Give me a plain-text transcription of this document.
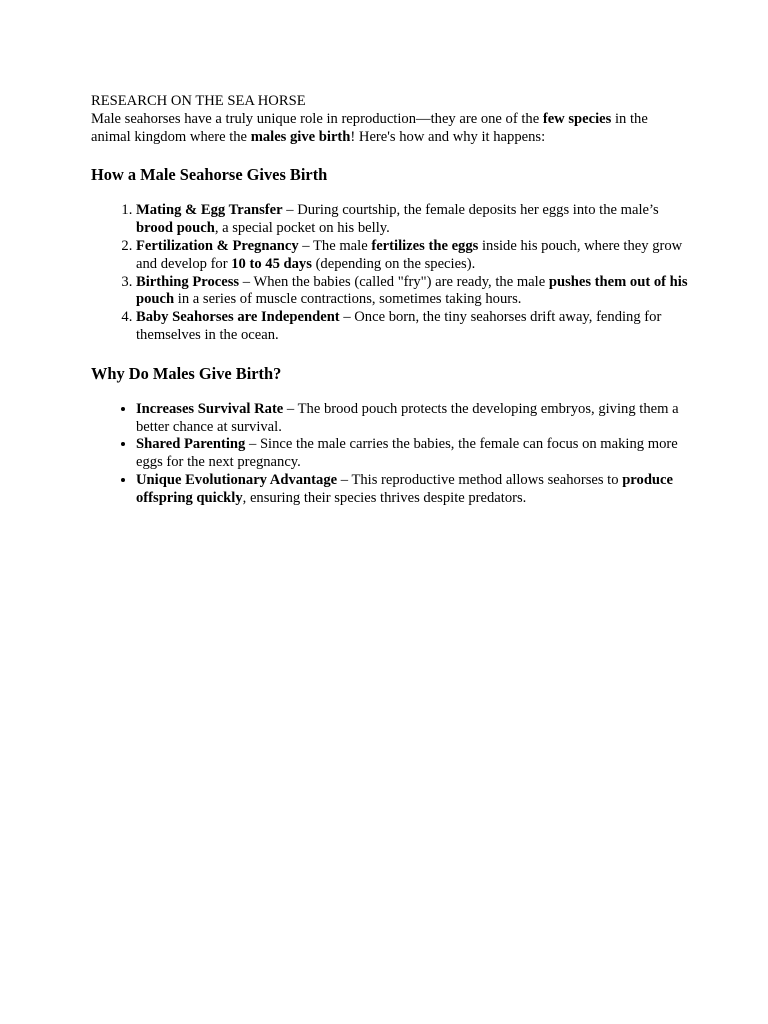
RESEARCH ON THE SEA HORSE

Male seahorses have a truly unique role in reproduction—they are one of the few species in the animal kingdom where the males give birth! Here's how and why it happens:

How a Male Seahorse Gives Birth
1. Mating & Egg Transfer – During courtship, the female deposits her eggs into the male’s brood pouch, a special pocket on his belly.
2. Fertilization & Pregnancy – The male fertilizes the eggs inside his pouch, where they grow and develop for 10 to 45 days (depending on the species).
3. Birthing Process – When the babies (called "fry") are ready, the male pushes them out of his pouch in a series of muscle contractions, sometimes taking hours.
4. Baby Seahorses are Independent – Once born, the tiny seahorses drift away, fending for themselves in the ocean.
Why Do Males Give Birth?
• Increases Survival Rate – The brood pouch protects the developing embryos, giving them a better chance at survival.
• Shared Parenting – Since the male carries the babies, the female can focus on making more eggs for the next pregnancy.
• Unique Evolutionary Advantage – This reproductive method allows seahorses to produce offspring quickly, ensuring their species thrives despite predators.
